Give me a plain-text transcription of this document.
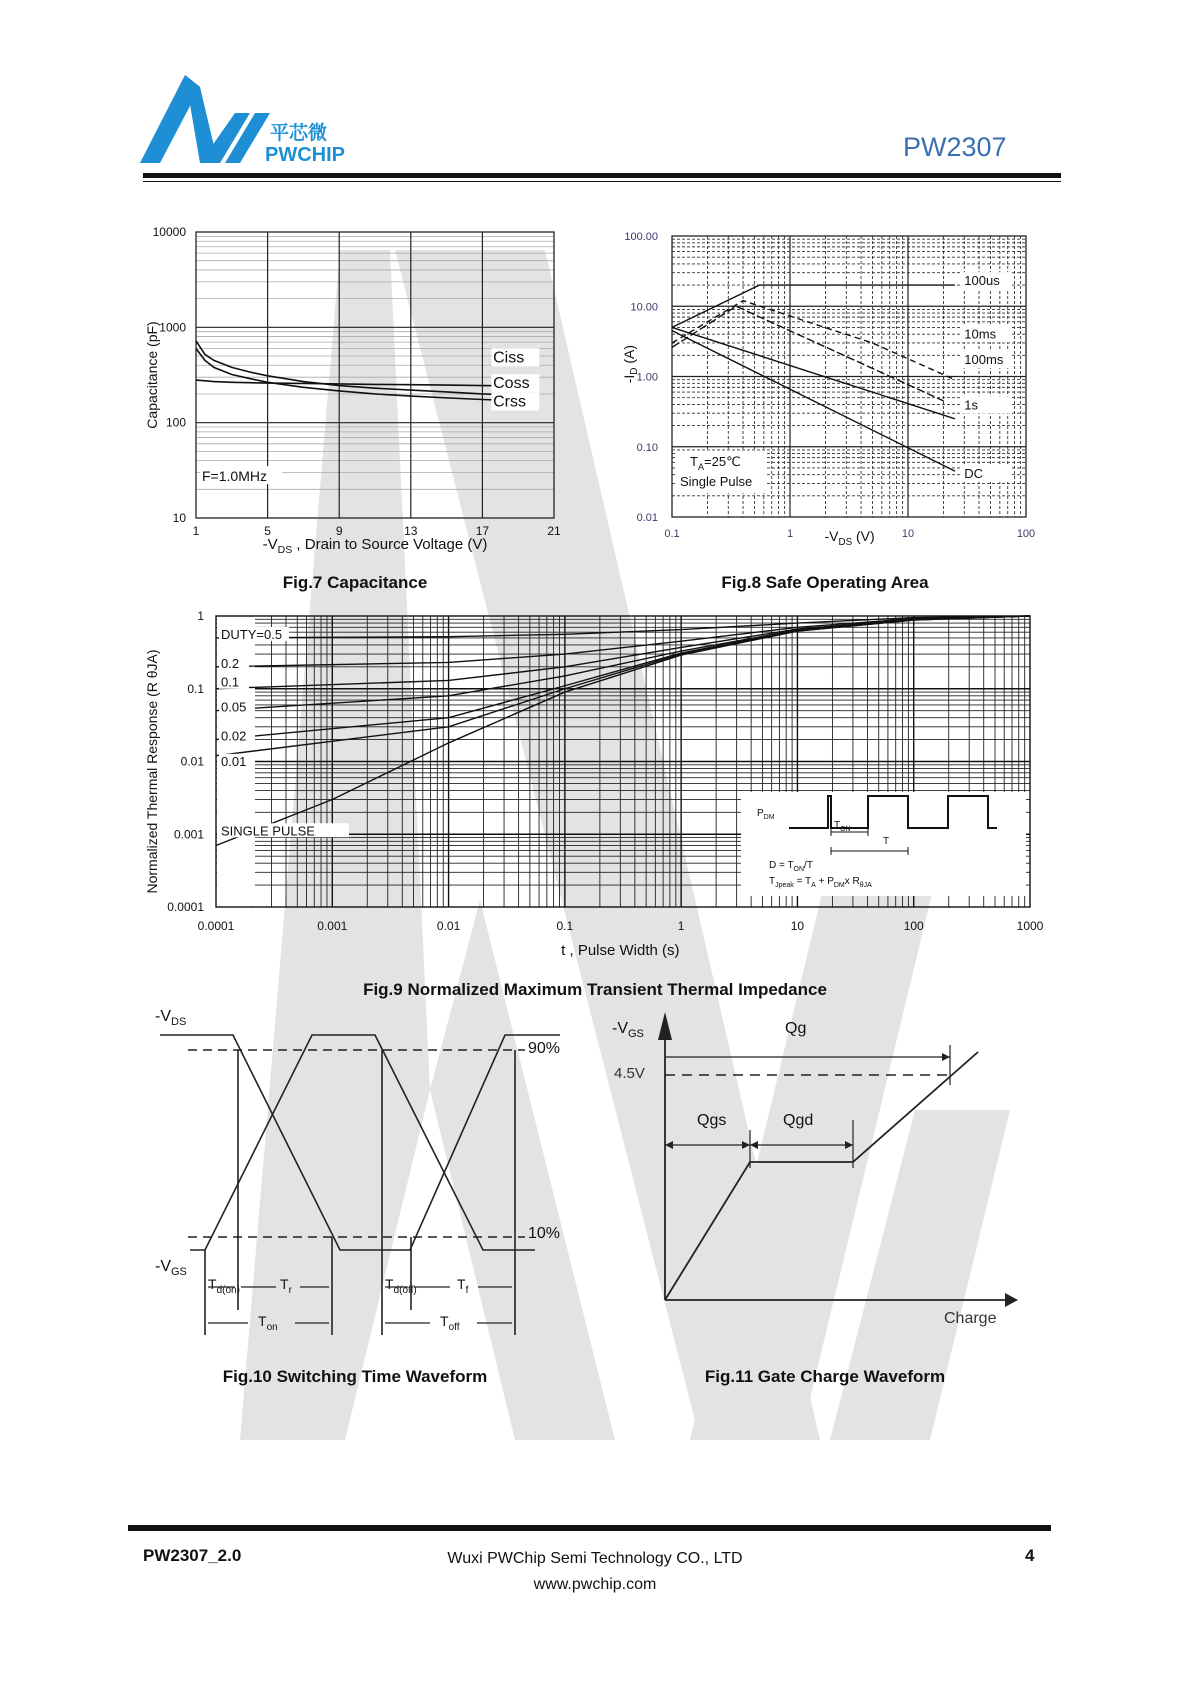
平芯微
PWCHIP	PW2307
Ciss
Coss
Crss
F=1.0MHz
10
100
1000
10000
1	5	9	13	17	21
$-V_{DS}$ , Drain to Source Voltage (V)
Capacitance (pF)
100us
10ms
100ms
1s
DC
$T_A=25℃$
Single Pulse
0.01
0.10
1.00
10.00
100.00
0.1	1	10	100
$-V_{DS}$ (V)
$-I_D$ (A)
DUTY=0.5
0.2
0.1
0.05
0.02
0.01
SINGLE PULSE
0.0001
0.001
0.01
0.1
1
0.0001	0.001	0.01	0.1	1	10	100	1000
t , Pulse Width (s)
Normalized Thermal Response (R θJA)
Fig.7 Capacitance	Fig.8 Safe Operating Area
Fig.9 Normalized Maximum Transient Thermal Impedance
$P_{DM}$
$T_{ON}$
T
$D = T_{ON}/T$
$T_{Jpeak} = T_A + P_{DM}x$ $R_{\theta JA}$
$-V_{DS}$
$-V_{GS}$
90%
10%
$T_{d(on)}$	$T_r$	$T_{d(off)}$	$T_f$
$T_{on}$	$T_{off}$
Fig.10 Switching Time Waveform
$-V_{GS}$	Qg
4.5V
Qgs	Qgd
Charge
Fig.11 Gate Charge Waveform
PW2307_2.0	Wuxi PWChip Semi Technology CO., LTD
www.pwchip.com
4
